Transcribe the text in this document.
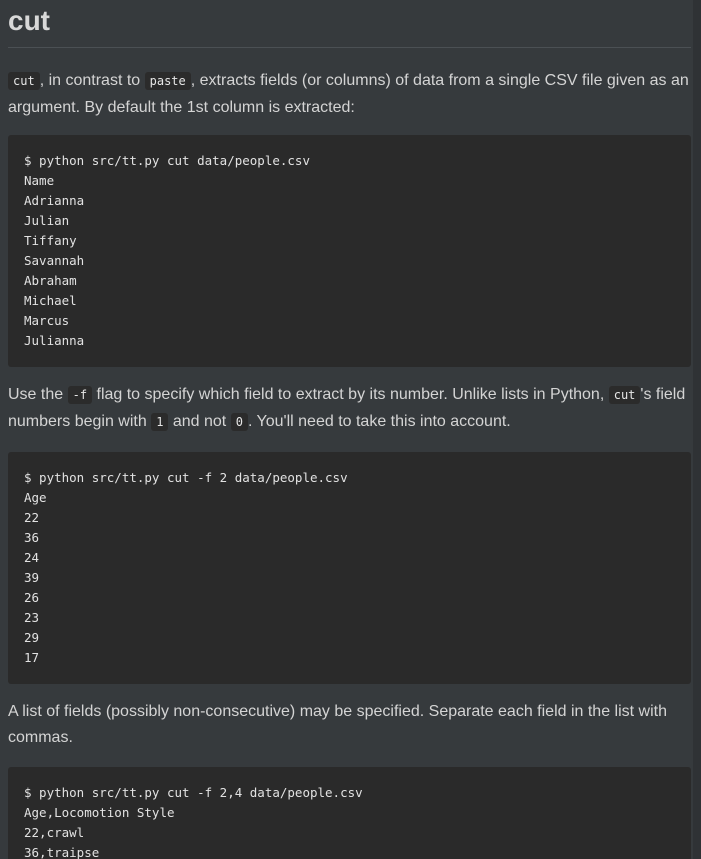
cut

cut , in contrast to paste , extracts fields (or columns) of data from a single CSV file given as an argument. By default the 1st column is extracted:

$ python src/tt.py cut data/people.csv
Name
Adrianna
Julian
Tiffany
Savannah
Abraham
Michael
Marcus
Julianna

Use the -f flag to specify which field to extract by its number. Unlike lists in Python, cut 's field numbers begin with 1 and not 0 . You'll need to take this into account.

$ python src/tt.py cut -f 2 data/people.csv
Age
22
36
24
39
26
23
29
17

A list of fields (possibly non-consecutive) may be specified. Separate each field in the list with commas.

$ python src/tt.py cut -f 2,4 data/people.csv
Age,Locomotion Style
22,crawl
36,traipse
